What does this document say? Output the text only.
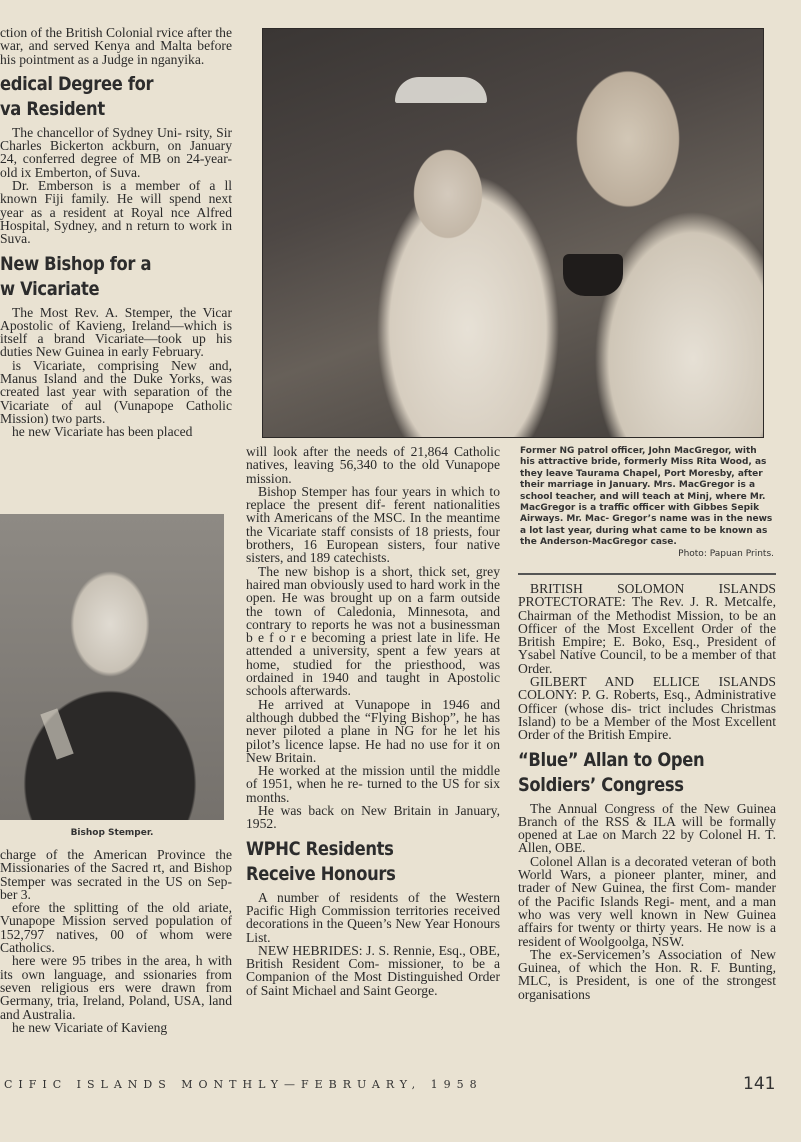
ction of the British Colonial rvice after the war, and served Kenya and Malta before his pointment as a Judge in nganyika.

edical Degree for
va Resident

The chancellor of Sydney Uni- rsity, Sir Charles Bickerton ackburn, on January 24, conferred degree of MB on 24-year-old ix Emberton, of Suva.

Dr. Emberson is a member of a ll known Fiji family. He will spend next year as a resident at Royal nce Alfred Hospital, Sydney, and n return to work in Suva.

New Bishop for a
w Vicariate

The Most Rev. A. Stemper, the Vicar Apostolic of Kavieng, Ireland—which is itself a brand Vicariate—took up his duties New Guinea in early February.

is Vicariate, comprising New and, Manus Island and the Duke Yorks, was created last year with separation of the Vicariate of aul (Vunapope Catholic Mission) two parts.

he new Vicariate has been placed

Bishop Stemper.

charge of the American Province the Missionaries of the Sacred rt, and Bishop Stemper was secrated in the US on Sep- ber 3.

efore the splitting of the old ariate, Vunapope Mission served population of 152,797 natives, 00 of whom were Catholics.

here were 95 tribes in the area, h with its own language, and ssionaries from seven religious ers were drawn from Germany, tria, Ireland, Poland, USA, land and Australia.

he new Vicariate of Kavieng

will look after the needs of 21,864 Catholic natives, leaving 56,340 to the old Vunapope mission.

Bishop Stemper has four years in which to replace the present dif- ferent nationalities with Americans of the MSC. In the meantime the Vicariate staff consists of 18 priests, four brothers, 16 European sisters, four native sisters, and 189 catechists.

The new bishop is a short, thick set, grey haired man obviously used to hard work in the open. He was brought up on a farm outside the town of Caledonia, Minnesota, and contrary to reports he was not a businessman b e f o r e becoming a priest late in life. He attended a university, spent a few years at home, studied for the priesthood, was ordained in 1940 and taught in Apostolic schools afterwards.

He arrived at Vunapope in 1946 and although dubbed the “Flying Bishop”, he has never piloted a plane in NG for he let his pilot’s licence lapse. He had no use for it on New Britain.

He worked at the mission until the middle of 1951, when he re- turned to the US for six months.

He was back on New Britain in January, 1952.

WPHC Residents
Receive Honours

A number of residents of the Western Pacific High Commission territories received decorations in the Queen’s New Year Honours List.

NEW HEBRIDES: J. S. Rennie, Esq., OBE, British Resident Com- missioner, to be a Companion of the Most Distinguished Order of Saint Michael and Saint George.

Former NG patrol officer, John MacGregor, with his attractive bride, formerly Miss Rita Wood, as they leave Taurama Chapel, Port Moresby, after their marriage in January. Mrs. MacGregor is a school teacher, and will teach at Minj, where Mr. MacGregor is a traffic officer with Gibbes Sepik Airways. Mr. Mac- Gregor’s name was in the news a lot last year, during what came to be known as the Anderson-MacGregor case.
Photo: Papuan Prints.

BRITISH SOLOMON ISLANDS PROTECTORATE: The Rev. J. R. Metcalfe, Chairman of the Methodist Mission, to be an Officer of the Most Excellent Order of the British Empire; E. Boko, Esq., President of Ysabel Native Council, to be a member of that Order.

GILBERT AND ELLICE ISLANDS COLONY: P. G. Roberts, Esq., Administrative Officer (whose dis- trict includes Christmas Island) to be a Member of the Most Excellent Order of the British Empire.

“Blue” Allan to Open
Soldiers’ Congress

The Annual Congress of the New Guinea Branch of the RSS & ILA will be formally opened at Lae on March 22 by Colonel H. T. Allen, OBE.

Colonel Allan is a decorated veteran of both World Wars, a pioneer planter, miner, and trader of New Guinea, the first Com- mander of the Pacific Islands Regi- ment, and a man who was very well known in New Guinea affairs for twenty or thirty years. He now is a resident of Woolgoolga, NSW.

The ex-Servicemen’s Association of New Guinea, of which the Hon. R. F. Bunting, MLC, is President, is one of the strongest organisations

CIFIC ISLANDS MONTHLY—FEBRUARY, 1958	141
